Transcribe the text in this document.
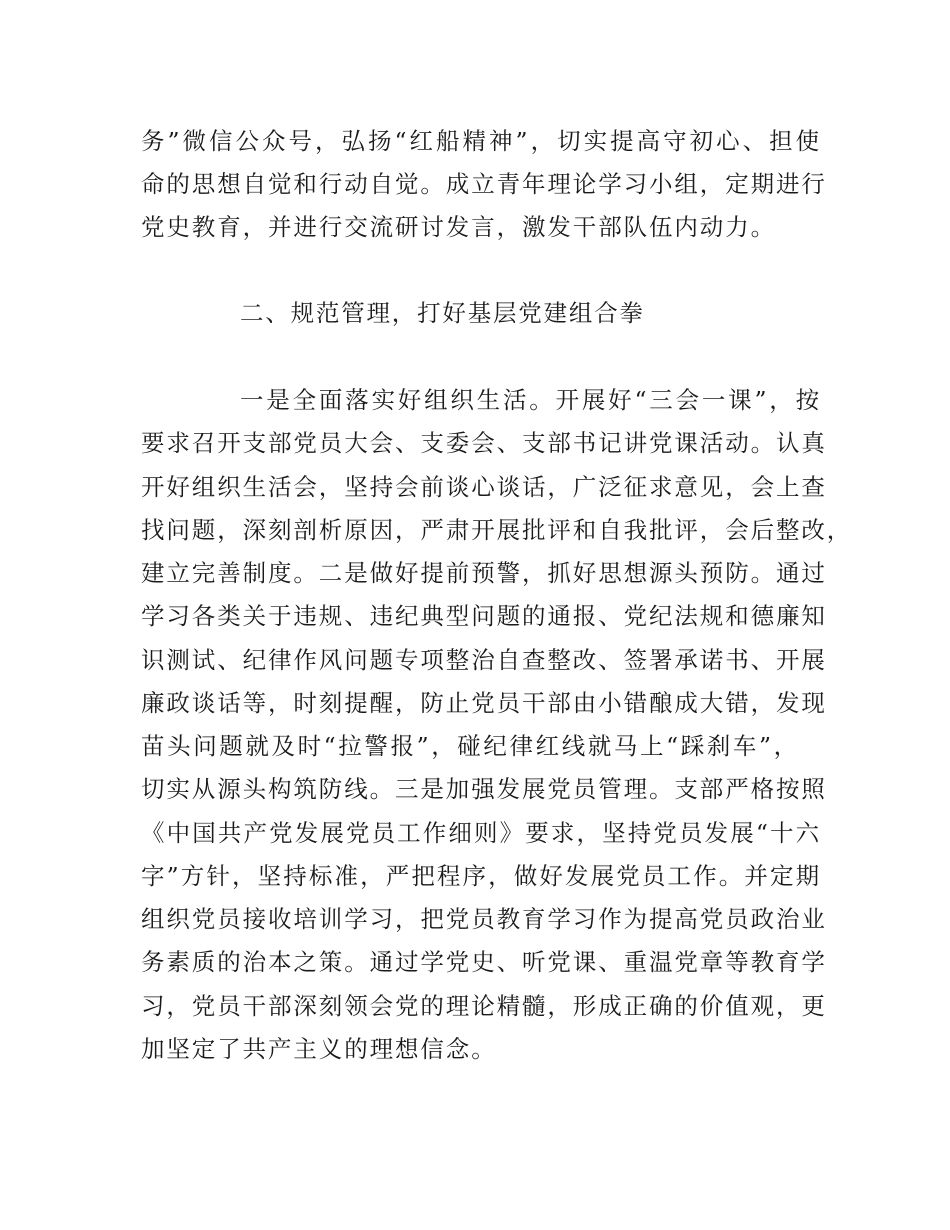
务”微信公众号，弘扬“红船精神”，切实提高守初心、担使
命的思想自觉和行动自觉。成立青年理论学习小组，定期进行
党史教育，并进行交流研讨发言，激发干部队伍内动力。
二、规范管理，打好基层党建组合拳
一是全面落实好组织生活。开展好“三会一课”，按
要求召开支部党员大会、支委会、支部书记讲党课活动。认真
开好组织生活会，坚持会前谈心谈话，广泛征求意见，会上查
找问题，深刻剖析原因，严肃开展批评和自我批评，会后整改，
建立完善制度。二是做好提前预警，抓好思想源头预防。通过
学习各类关于违规、违纪典型问题的通报、党纪法规和德廉知
识测试、纪律作风问题专项整治自查整改、签署承诺书、开展
廉政谈话等，时刻提醒，防止党员干部由小错酿成大错，发现
苗头问题就及时“拉警报”，碰纪律红线就马上“踩刹车”，
切实从源头构筑防线。三是加强发展党员管理。支部严格按照
《中国共产党发展党员工作细则》要求，坚持党员发展“十六
字”方针，坚持标准，严把程序，做好发展党员工作。并定期
组织党员接收培训学习，把党员教育学习作为提高党员政治业
务素质的治本之策。通过学党史、听党课、重温党章等教育学
习，党员干部深刻领会党的理论精髓，形成正确的价值观，更
加坚定了共产主义的理想信念。
